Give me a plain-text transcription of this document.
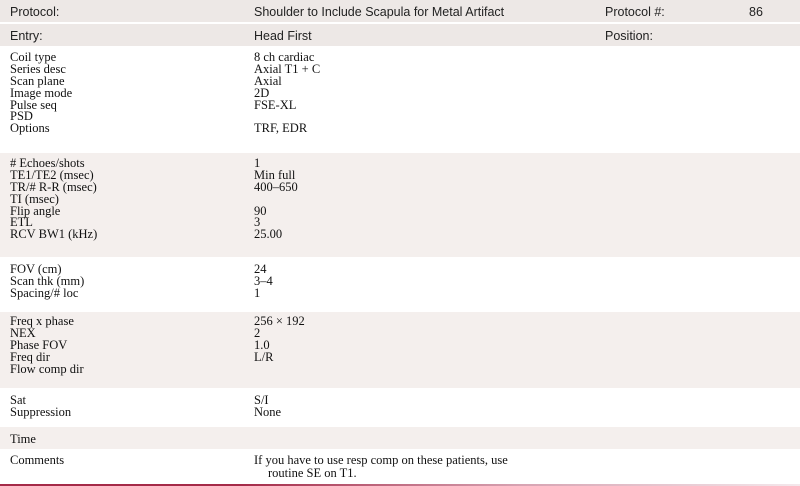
Protocol:	Shoulder to Include Scapula for Metal Artifact	Protocol #:	86
Entry:	Head First	Position:
Coil type	8 ch cardiac
Series desc	Axial T1 + C
Scan plane	Axial
Image mode	2D
Pulse seq	FSE-XL
PSD
Options	TRF, EDR
# Echoes/shots	1
TE1/TE2 (msec)	Min full
TR/# R-R (msec)	400–650
TI (msec)
Flip angle	90
ETL	3
RCV BW1 (kHz)	25.00
FOV (cm)	24
Scan thk (mm)	3–4
Spacing/# loc	1
Freq x phase	256 × 192
NEX	2
Phase FOV	1.0
Freq dir	L/R
Flow comp dir
Sat	S/I
Suppression	None
Time
Comments	If you have to use resp comp on these patients, use
routine SE on T1.
